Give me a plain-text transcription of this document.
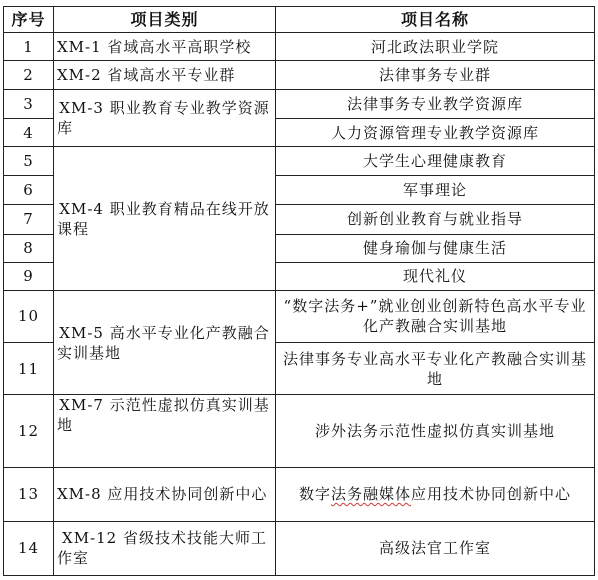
序号	项目类别	项目名称
1	XM-1 省域高水平高职学校	河北政法职业学院
2	XM-2 省域高水平专业群	法律事务专业群
3	XM-3 职业教育专业教学资源库	法律事务专业教学资源库
4		人力资源管理专业教学资源库
5	XM-4 职业教育精品在线开放课程	大学生心理健康教育
6		军事理论
7		创新创业教育与就业指导
8		健身瑜伽与健康生活
9		现代礼仪
10	XM-5 高水平专业化产教融合实训基地	“数字法务+”就业创业创新特色高水平专业化产教融合实训基地
11		法律事务专业高水平专业化产教融合实训基地
12	XM-7 示范性虚拟仿真实训基地	涉外法务示范性虚拟仿真实训基地
13	XM-8 应用技术协同创新中心	数字法务融媒体应用技术协同创新中心
14	XM-12 省级技术技能大师工作室	高级法官工作室
